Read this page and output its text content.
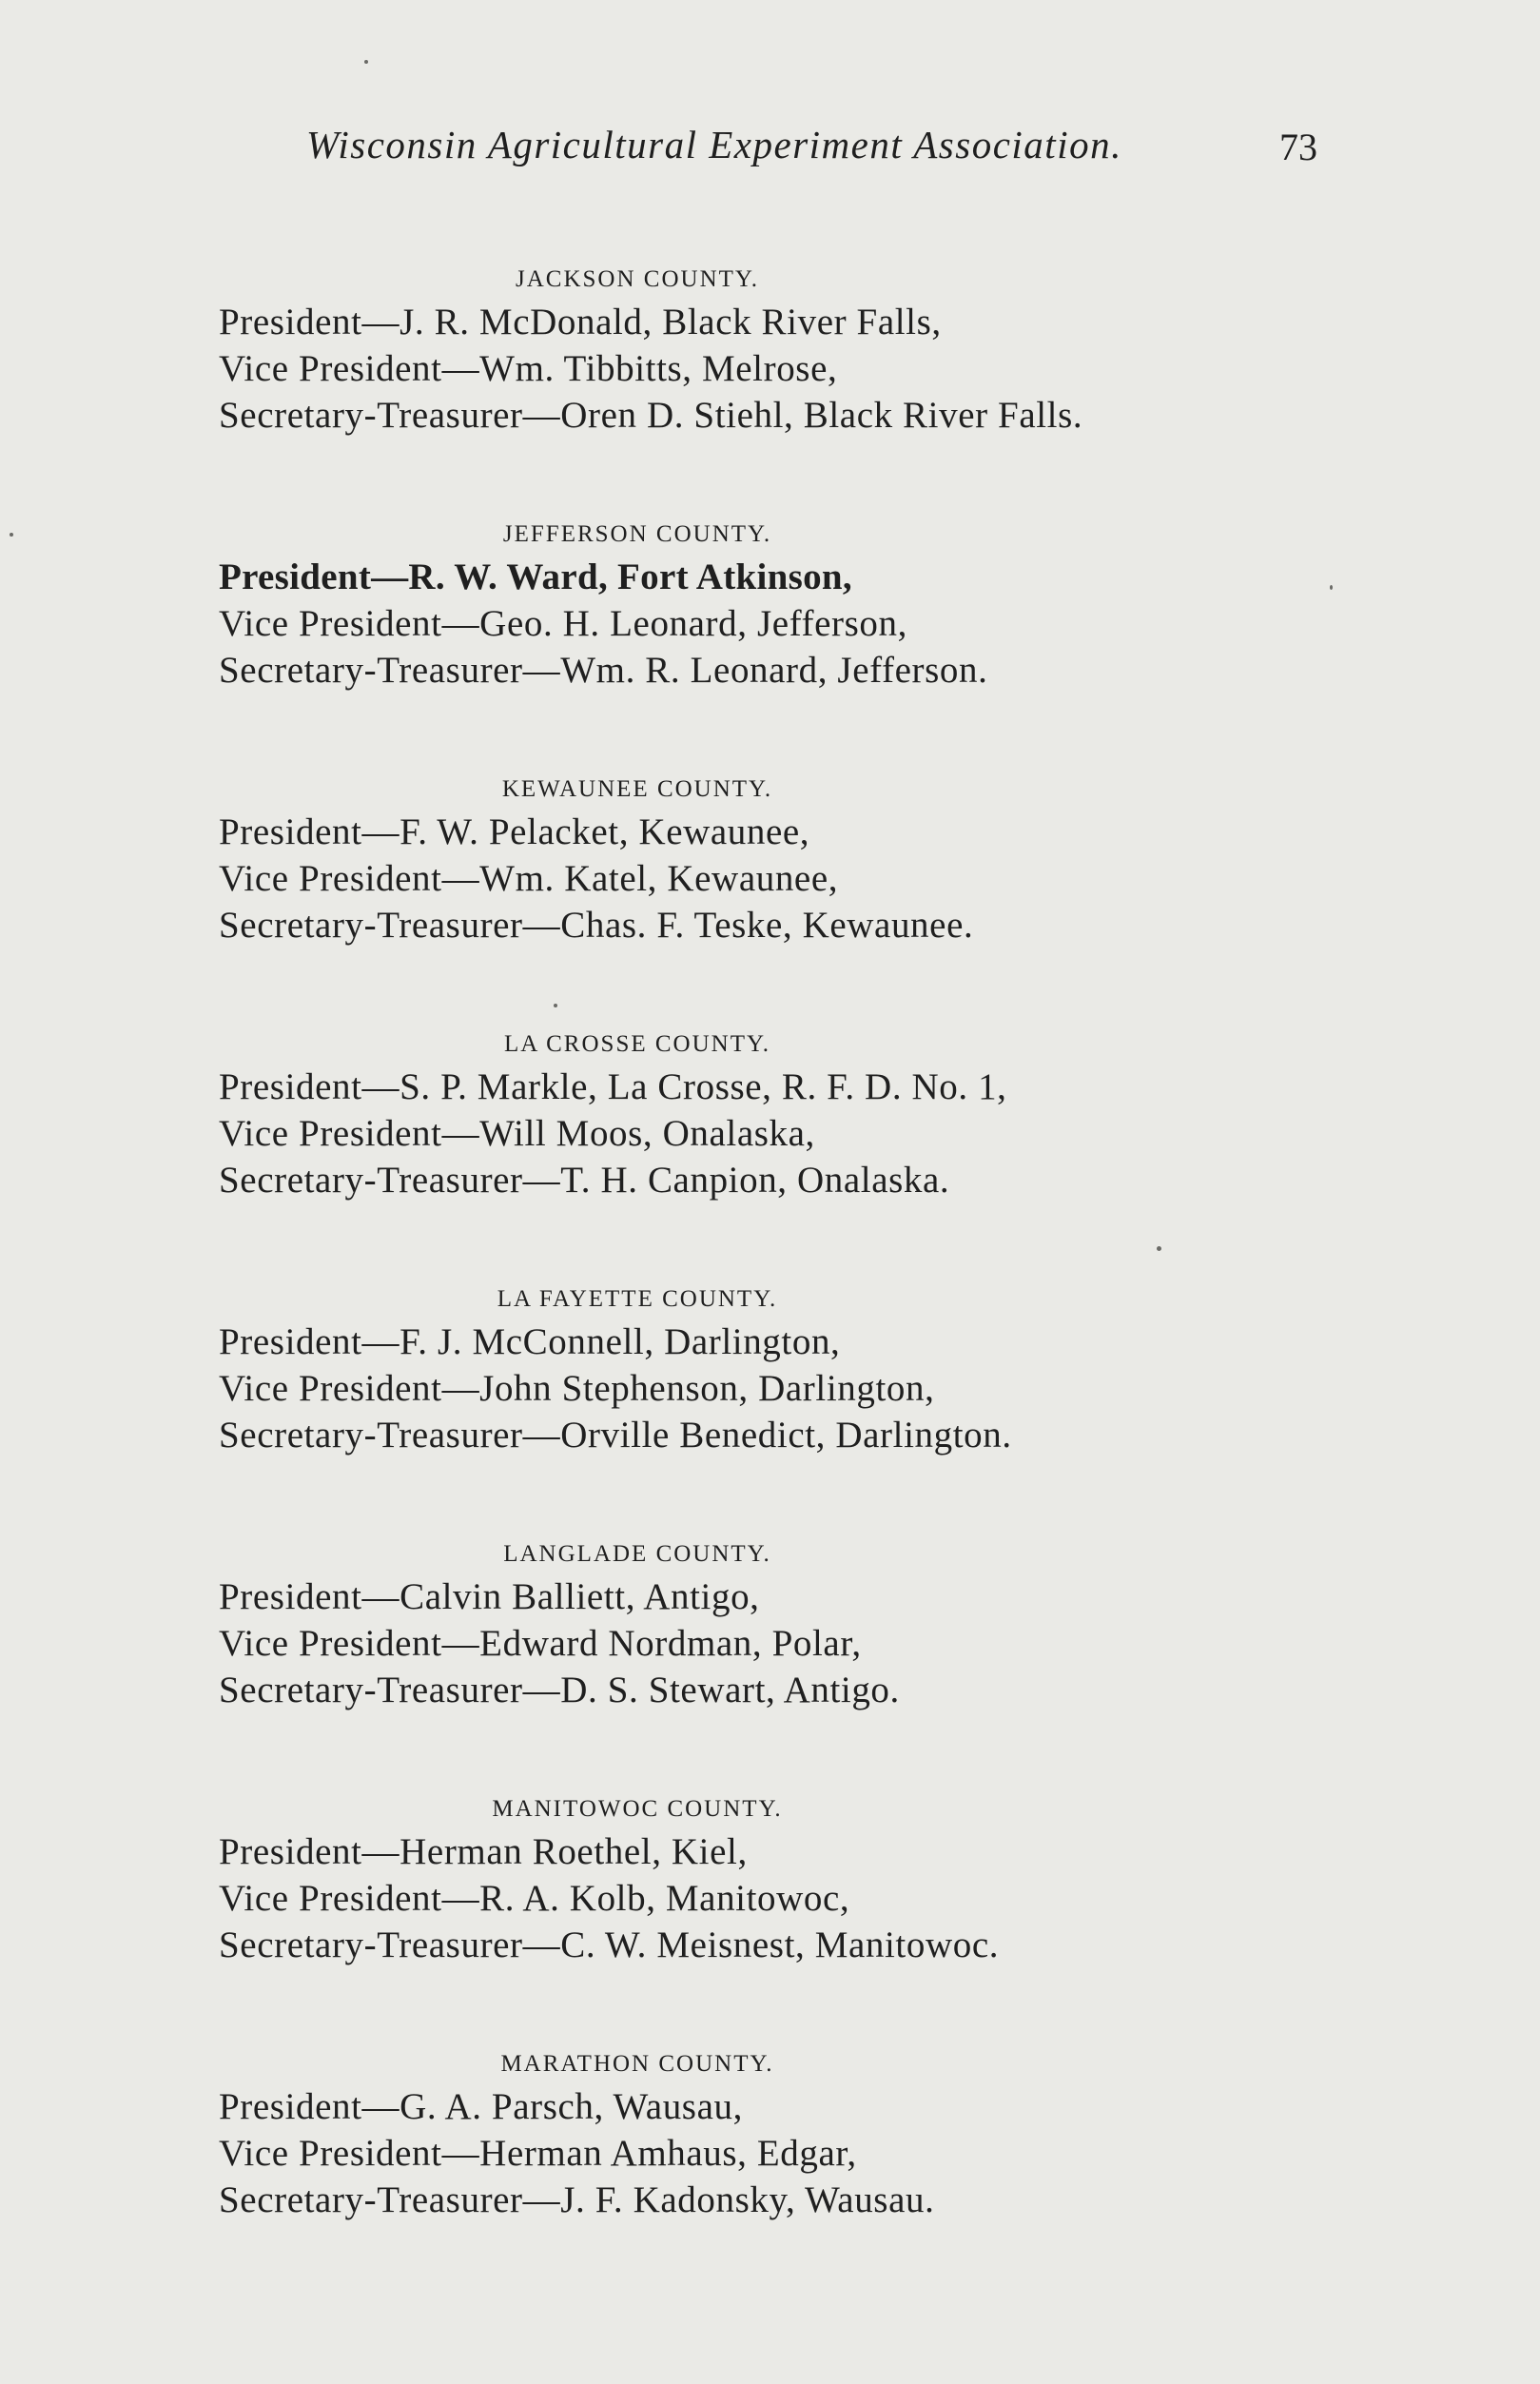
Wisconsin Agricultural Experiment Association.	73
JACKSON COUNTY.
President—J. R. McDonald, Black River Falls,
Vice President—Wm. Tibbitts, Melrose,
Secretary-Treasurer—Oren D. Stiehl, Black River Falls.
JEFFERSON COUNTY.
President—R. W. Ward, Fort Atkinson,
Vice President—Geo. H. Leonard, Jefferson,
Secretary-Treasurer—Wm. R. Leonard, Jefferson.
KEWAUNEE COUNTY.
President—F. W. Pelacket, Kewaunee,
Vice President—Wm. Katel, Kewaunee,
Secretary-Treasurer—Chas. F. Teske, Kewaunee.
LA CROSSE COUNTY.
President—S. P. Markle, La Crosse, R. F. D. No. 1,
Vice President—Will Moos, Onalaska,
Secretary-Treasurer—T. H. Canpion, Onalaska.
LA FAYETTE COUNTY.
President—F. J. McConnell, Darlington,
Vice President—John Stephenson, Darlington,
Secretary-Treasurer—Orville Benedict, Darlington.
LANGLADE COUNTY.
President—Calvin Balliett, Antigo,
Vice President—Edward Nordman, Polar,
Secretary-Treasurer—D. S. Stewart, Antigo.
MANITOWOC COUNTY.
President—Herman Roethel, Kiel,
Vice President—R. A. Kolb, Manitowoc,
Secretary-Treasurer—C. W. Meisnest, Manitowoc.
MARATHON COUNTY.
President—G. A. Parsch, Wausau,
Vice President—Herman Amhaus, Edgar,
Secretary-Treasurer—J. F. Kadonsky, Wausau.
